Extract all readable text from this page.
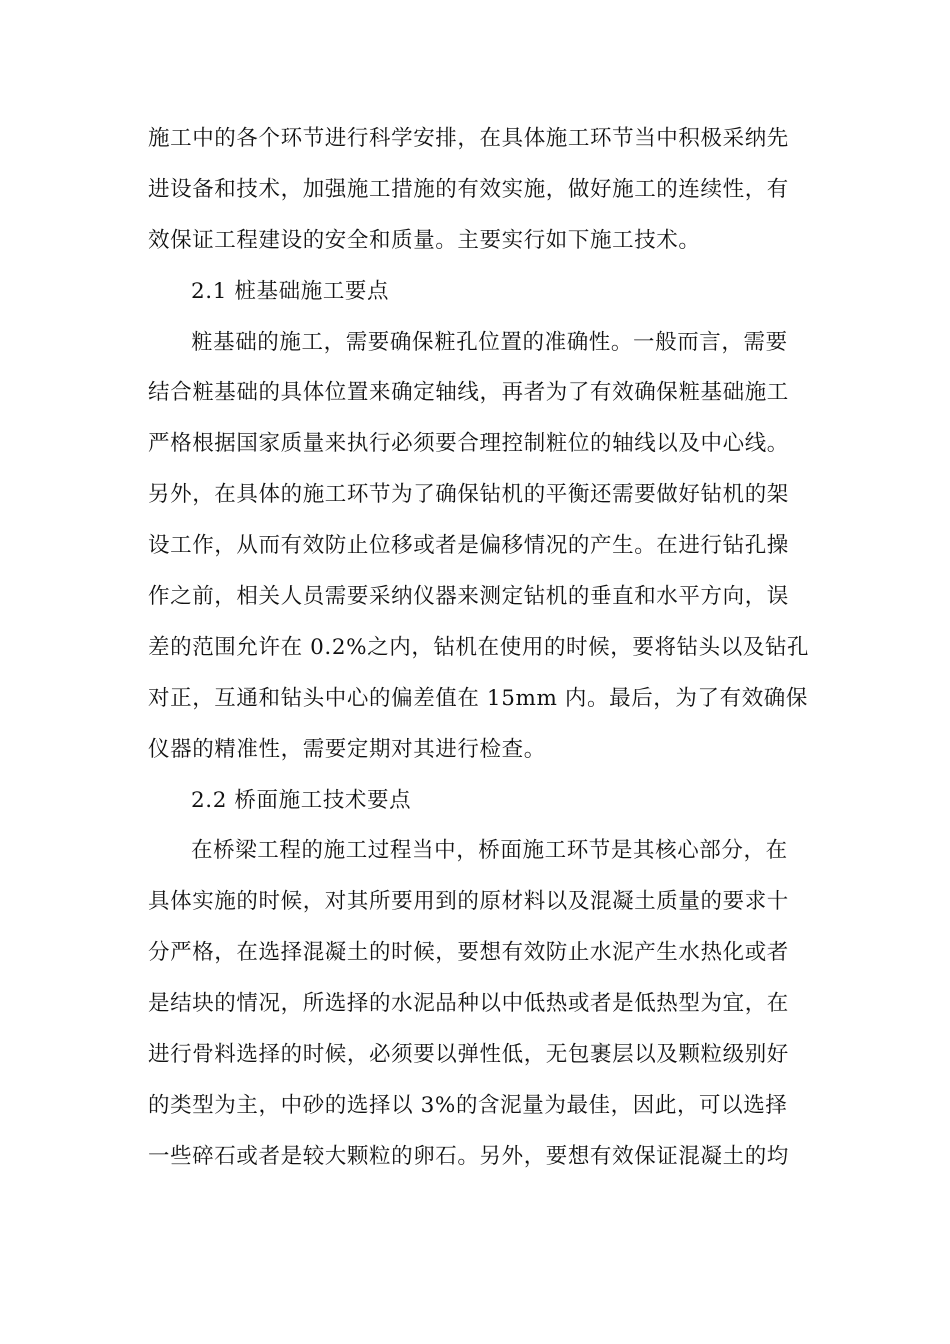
施工中的各个环节进行科学安排，在具体施工环节当中积极采纳先
进设备和技术，加强施工措施的有效实施，做好施工的连续性，有
效保证工程建设的安全和质量。主要实行如下施工技术。
2.1 桩基础施工要点
粧基础的施工，需要确保粧孔位置的准确性。一般而言，需要
结合粧基础的具体位置来确定轴线，再者为了有效确保粧基础施工
严格根据国家质量来执行必须要合理控制粧位的轴线以及中心线。
另外，在具体的施工环节为了确保钻机的平衡还需要做好钻机的架
设工作，从而有效防止位移或者是偏移情况的产生。在进行钻孔操
作之前，相关人员需要采纳仪器来测定钻机的垂直和水平方向，误
差的范围允许在 0.2%之内，钻机在使用的时候，要将钻头以及钻孔
对正，互通和钻头中心的偏差值在 15mm 内。最后，为了有效确保
仪器的精准性，需要定期对其进行检查。
2.2 桥面施工技术要点
在桥梁工程的施工过程当中，桥面施工环节是其核心部分，在
具体实施的时候，对其所要用到的原材料以及混凝土质量的要求十
分严格，在选择混凝土的时候，要想有效防止水泥产生水热化或者
是结块的情况，所选择的水泥品种以中低热或者是低热型为宜，在
进行骨料选择的时候，必须要以弹性低，无包裹层以及颗粒级别好
的类型为主，中砂的选择以 3%的含泥量为最佳，因此，可以选择
一些碎石或者是较大颗粒的卵石。另外，要想有效保证混凝土的均
